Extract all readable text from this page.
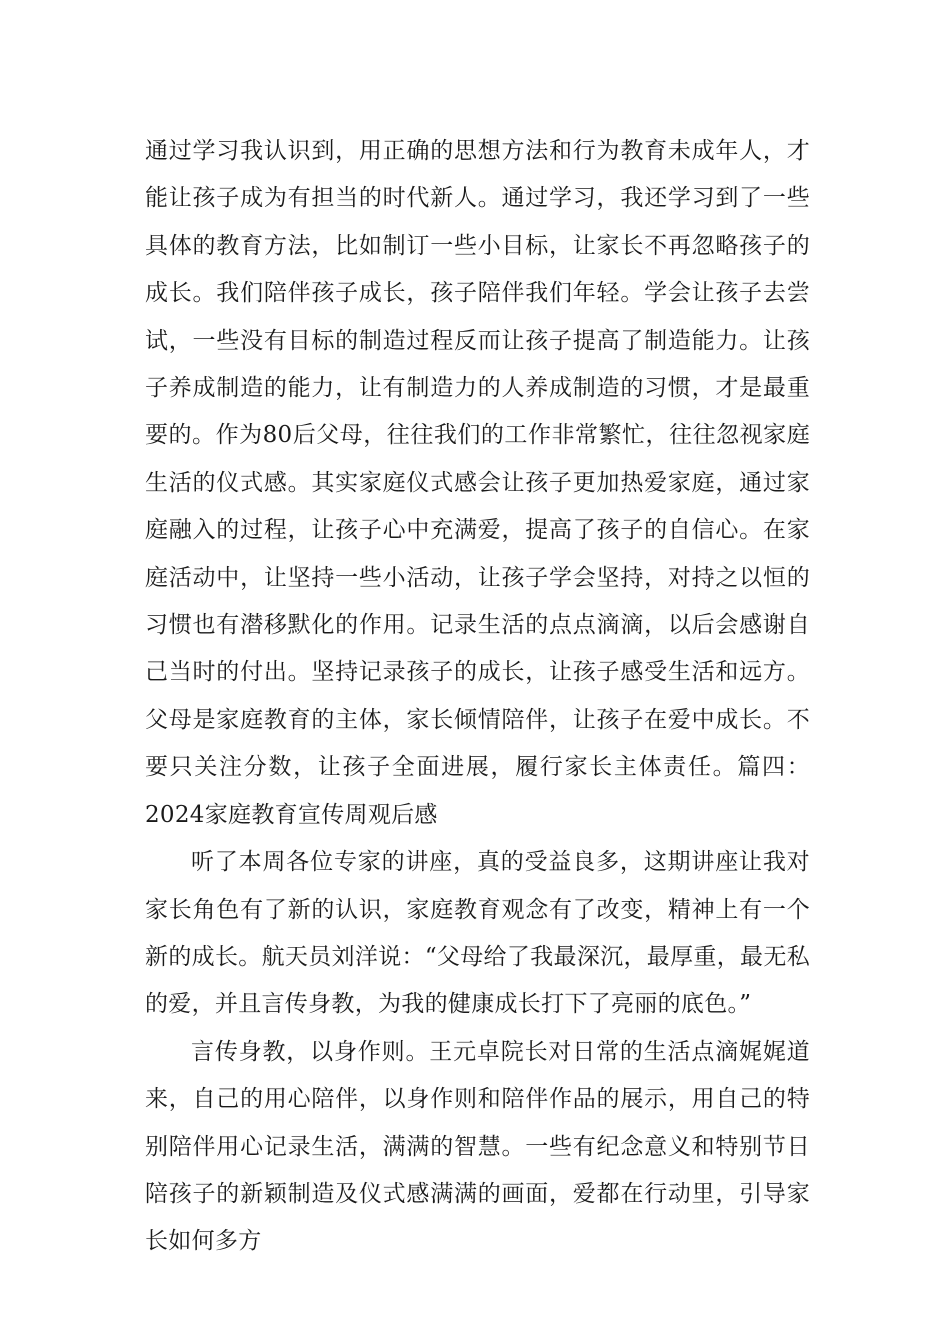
通过学习我认识到，用正确的思想方法和行为教育未成年人，才能让孩子成为有担当的时代新人。通过学习，我还学习到了一些具体的教育方法，比如制订一些小目标，让家长不再忽略孩子的成长。我们陪伴孩子成长，孩子陪伴我们年轻。学会让孩子去尝试，一些没有目标的制造过程反而让孩子提高了制造能力。让孩子养成制造的能力，让有制造力的人养成制造的习惯，才是最重要的。作为80后父母，往往我们的工作非常繁忙，往往忽视家庭生活的仪式感。其实家庭仪式感会让孩子更加热爱家庭，通过家庭融入的过程，让孩子心中充满爱，提高了孩子的自信心。在家庭活动中，让坚持一些小活动，让孩子学会坚持，对持之以恒的习惯也有潜移默化的作用。记录生活的点点滴滴，以后会感谢自己当时的付出。坚持记录孩子的成长，让孩子感受生活和远方。父母是家庭教育的主体，家长倾情陪伴，让孩子在爱中成长。不要只关注分数，让孩子全面进展，履行家长主体责任。篇四：2024家庭教育宣传周观后感

听了本周各位专家的讲座，真的受益良多，这期讲座让我对家长角色有了新的认识，家庭教育观念有了改变，精神上有一个新的成长。航天员刘洋说：“父母给了我最深沉，最厚重，最无私的爱，并且言传身教，为我的健康成长打下了亮丽的底色。”

言传身教，以身作则。王元卓院长对日常的生活点滴娓娓道来，自己的用心陪伴，以身作则和陪伴作品的展示，用自己的特别陪伴用心记录生活，满满的智慧。一些有纪念意义和特别节日陪孩子的新颖制造及仪式感满满的画面，爱都在行动里，引导家长如何多方
